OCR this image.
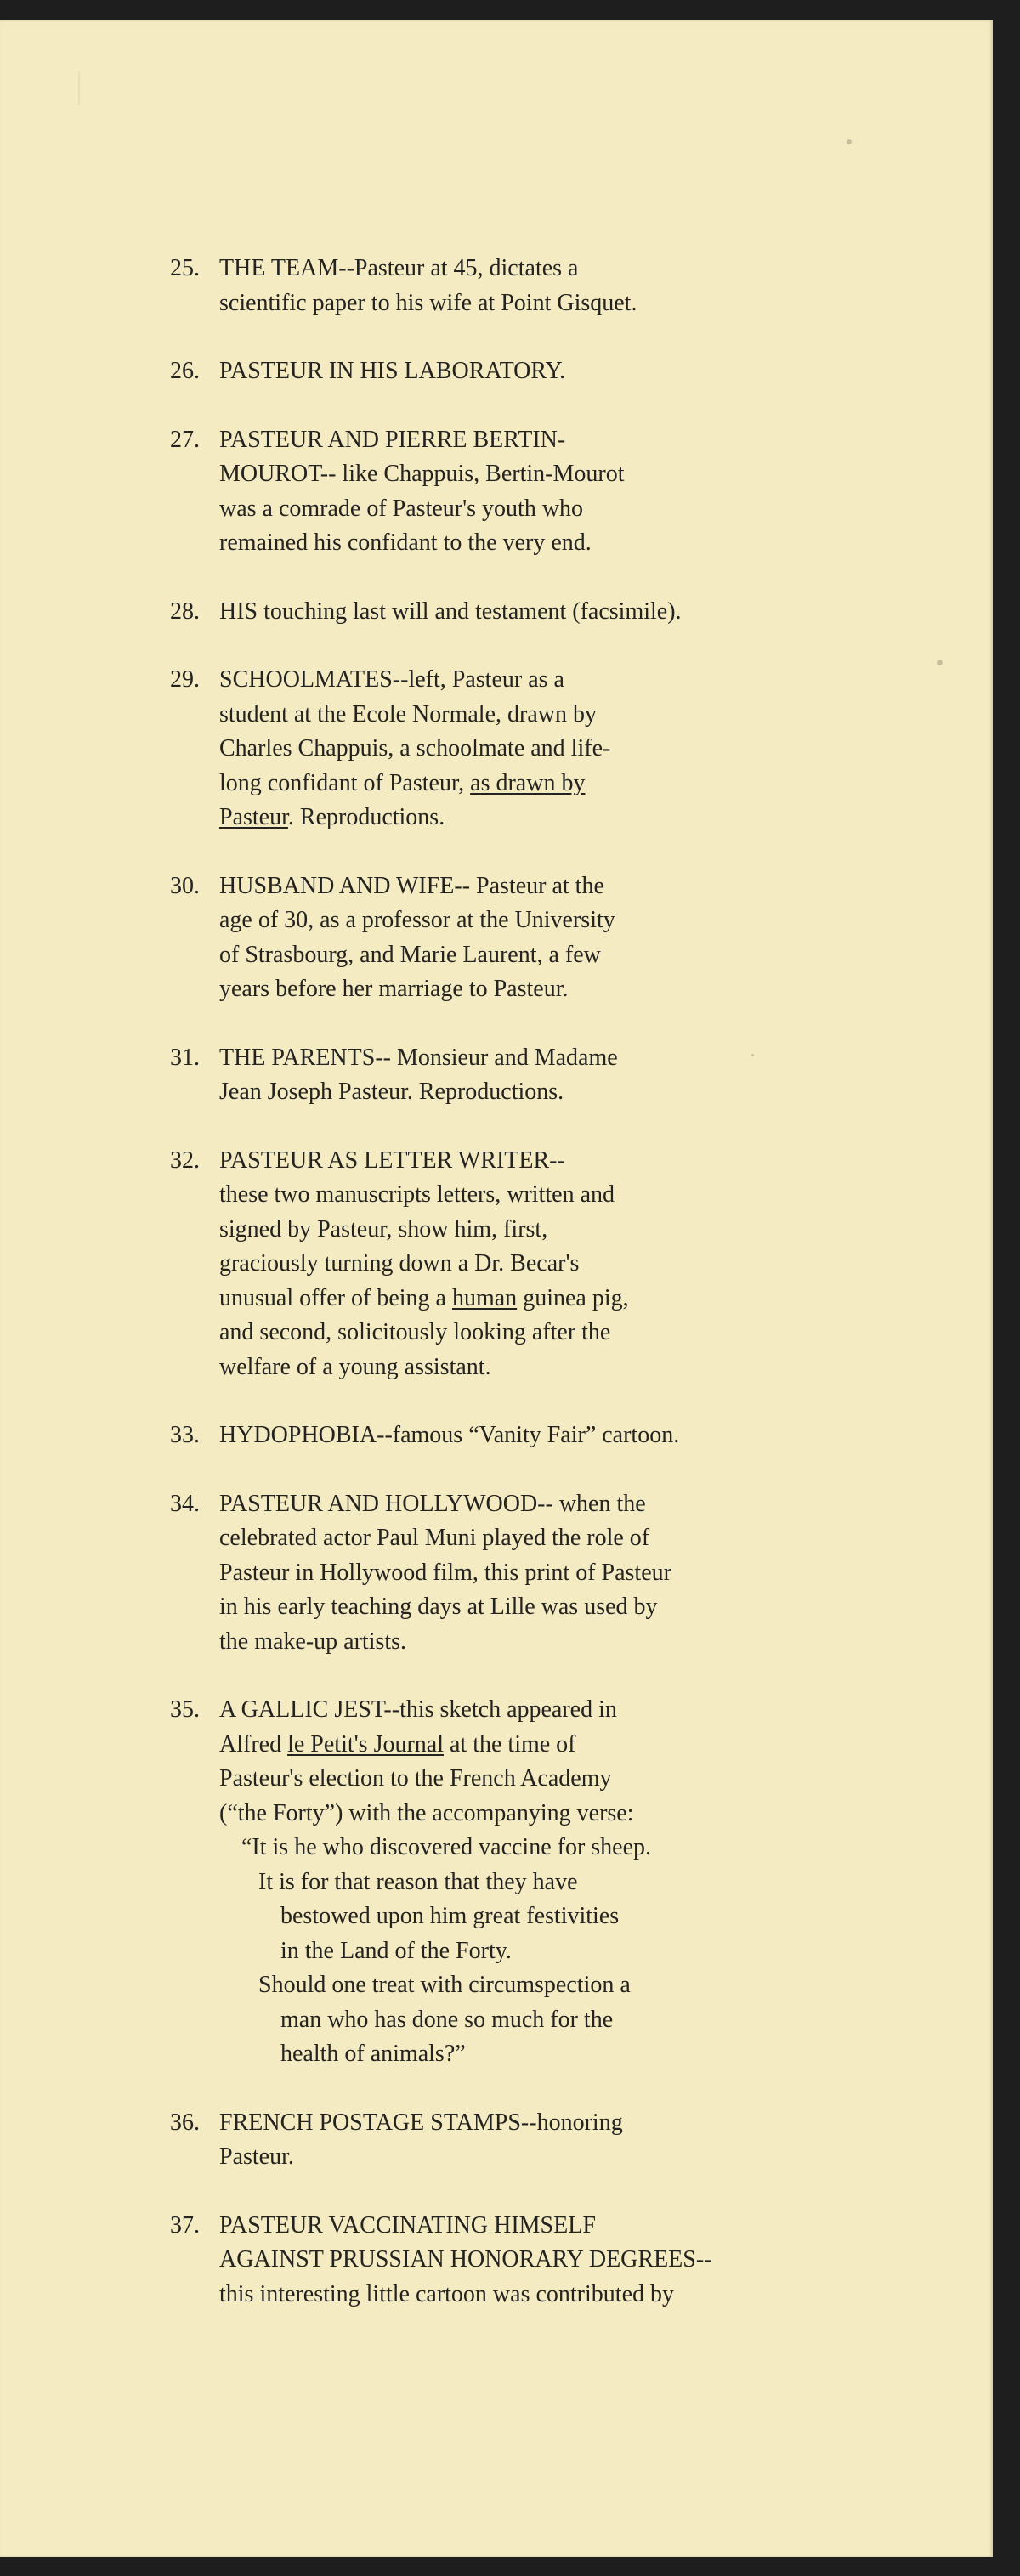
25. THE TEAM--Pasteur at 45, dictates a
scientific paper to his wife at Point Gisquet.
26. PASTEUR IN HIS LABORATORY.
27. PASTEUR AND PIERRE BERTIN-
MOUROT-- like Chappuis, Bertin-Mourot
was a comrade of Pasteur's youth who
remained his confidant to the very end.
28. HIS touching last will and testament (facsimile).
29. SCHOOLMATES--left, Pasteur as a
student at the Ecole Normale, drawn by
Charles Chappuis, a schoolmate and life-
long confidant of Pasteur, as drawn by
Pasteur. Reproductions.
30. HUSBAND AND WIFE-- Pasteur at the
age of 30, as a professor at the University
of Strasbourg, and Marie Laurent, a few
years before her marriage to Pasteur.
31. THE PARENTS-- Monsieur and Madame
Jean Joseph Pasteur. Reproductions.
32. PASTEUR AS LETTER WRITER--
these two manuscripts letters, written and
signed by Pasteur, show him, first,
graciously turning down a Dr. Becar's
unusual offer of being a human guinea pig,
and second, solicitously looking after the
welfare of a young assistant.
33. HYDOPHOBIA--famous “Vanity Fair” cartoon.
34. PASTEUR AND HOLLYWOOD-- when the
celebrated actor Paul Muni played the role of
Pasteur in Hollywood film, this print of Pasteur
in his early teaching days at Lille was used by
the make-up artists.
35. A GALLIC JEST--this sketch appeared in
Alfred le Petit's Journal at the time of
Pasteur's election to the French Academy
(“the Forty”) with the accompanying verse:
“It is he who discovered vaccine for sheep.
It is for that reason that they have
bestowed upon him great festivities
in the Land of the Forty.
Should one treat with circumspection a
man who has done so much for the
health of animals?”
36. FRENCH POSTAGE STAMPS--honoring
Pasteur.
37. PASTEUR VACCINATING HIMSELF
AGAINST PRUSSIAN HONORARY DEGREES--
this interesting little cartoon was contributed by
